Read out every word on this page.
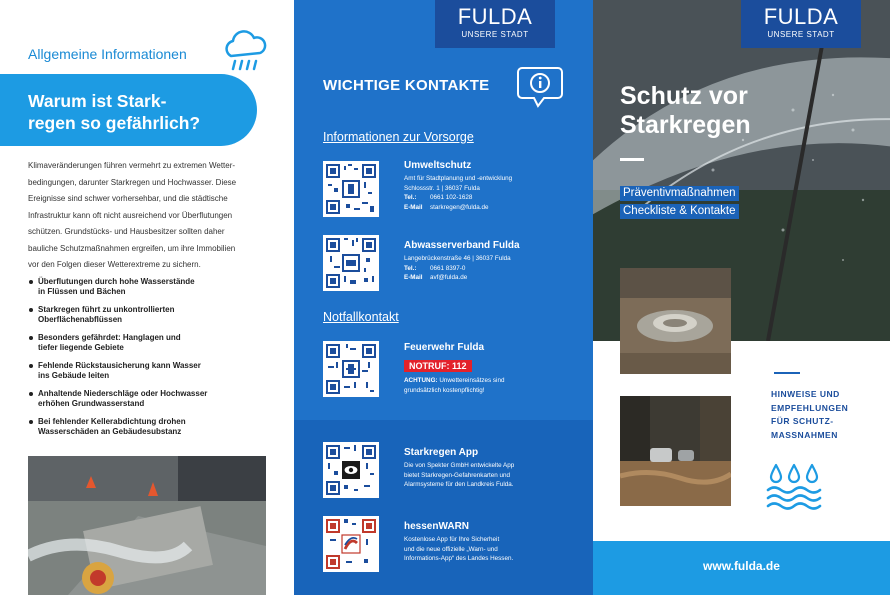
Allgemeine Informationen
Warum ist Stark-
regen so gefährlich?
Klimaveränderungen führen vermehrt zu extremen Wetter-
bedingungen, darunter Starkregen und Hochwasser. Diese
Ereignisse sind schwer vorhersehbar, und die städtische
Infrastruktur kann oft nicht ausreichend vor Überflutungen
schützen. Grundstücks- und Hausbesitzer sollten daher
bauliche Schutzmaßnahmen ergreifen, um ihre Immobilien
vor den Folgen dieser Wetterextreme zu sichern.
Überflutungen durch hohe Wasserstände
in Flüssen und Bächen
Starkregen führt zu unkontrollierten
Oberflächenabflüssen
Besonders gefährdet: Hanglagen und
tiefer liegende Gebiete
Fehlende Rückstausicherung kann Wasser
ins Gebäude leiten
Anhaltende Niederschläge oder Hochwasser
erhöhen Grundwasserstand
Bei fehlender Kellerabdichtung drohen
Wasserschäden an Gebäudesubstanz
FULDA
UNSERE STADT
WICHTIGE KONTAKTE
Informationen zur Vorsorge
Umweltschutz
Amt für Stadtplanung und -entwicklung
Schlossstr. 1 | 36037 Fulda
Tel.: 0661 102-1628
E-Mail starkregen@fulda.de
Abwasserverband Fulda
Langebrückenstraße 46 | 36037 Fulda
Tel.: 0661 8397-0
E-Mail avf@fulda.de
Notfallkontakt
Feuerwehr Fulda
NOTRUF: 112
ACHTUNG: Unwettereinsätzes sind
grundsätzlich kostenpflichtig!
Starkregen App
Die von Spekter GmbH entwickelte App
bietet Starkregen-Gefahrenkarten und
Alarmsysteme für den Landkreis Fulda.
hessenWARN
Kostenlose App für Ihre Sicherheit
und die neue offizielle „Warn- und
Informations-App“ des Landes Hessen.
FULDA
UNSERE STADT
Schutz vor
Starkregen
Präventivmaßnahmen
Checkliste & Kontakte
HINWEISE UND
EMPFEHLUNGEN
FÜR SCHUTZ-
MASSNAHMEN
www.fulda.de
